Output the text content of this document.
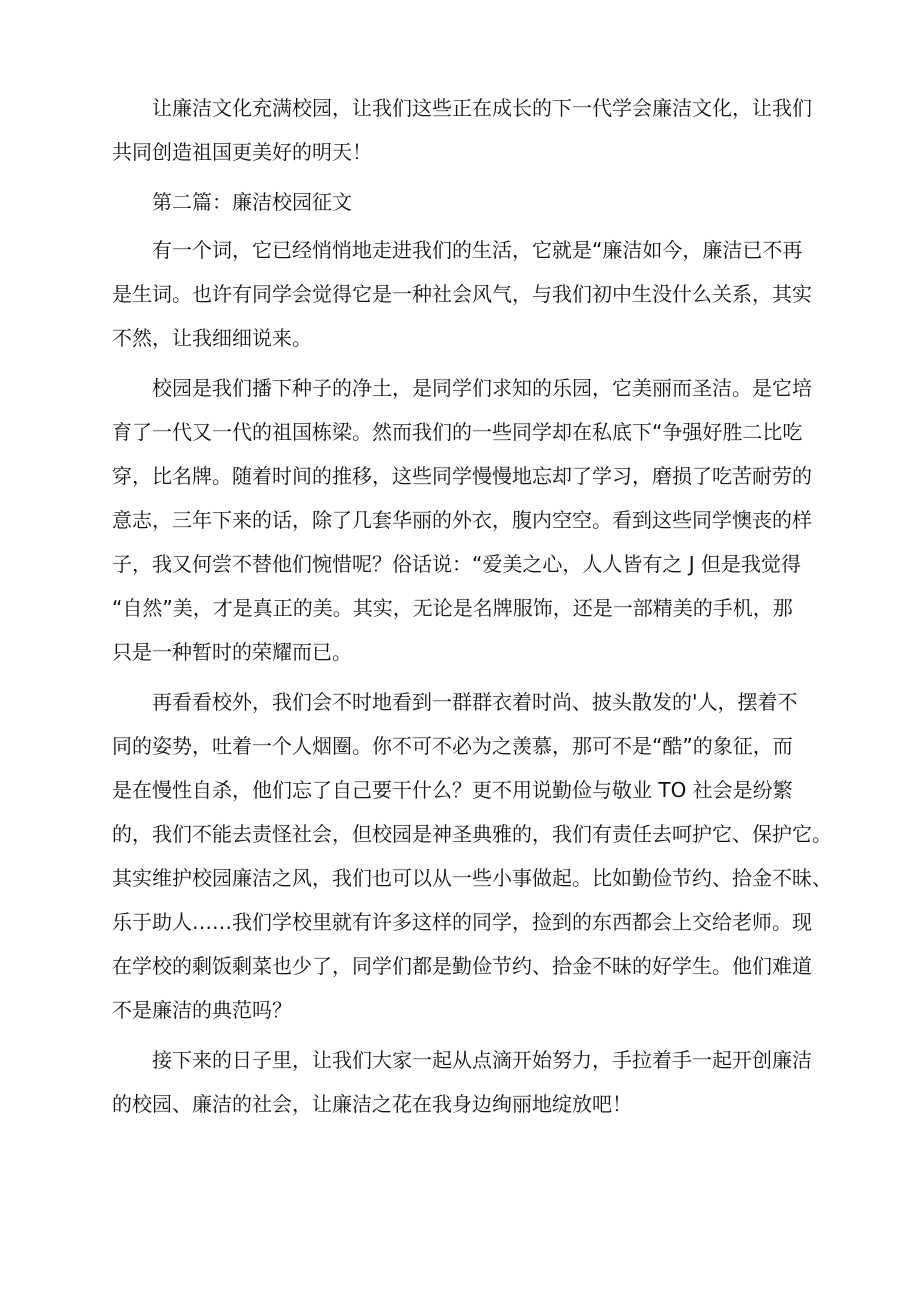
让廉洁文化充满校园，让我们这些正在成长的下一代学会廉洁文化，让我们
共同创造祖国更美好的明天！

第二篇：廉洁校园征文

有一个词，它已经悄悄地走进我们的生活，它就是“廉洁如今，廉洁已不再
是生词。也许有同学会觉得它是一种社会风气，与我们初中生没什么关系，其实
不然，让我细细说来。

校园是我们播下种子的净土，是同学们求知的乐园，它美丽而圣洁。是它培
育了一代又一代的祖国栋梁。然而我们的一些同学却在私底下“争强好胜二比吃
穿，比名牌。随着时间的推移，这些同学慢慢地忘却了学习，磨损了吃苦耐劳的
意志，三年下来的话，除了几套华丽的外衣，腹内空空。看到这些同学懊丧的样
子，我又何尝不替他们惋惜呢？俗话说：“爱美之心，人人皆有之 J 但是我觉得
“自然”美，才是真正的美。其实，无论是名牌服饰，还是一部精美的手机，那
只是一种暂时的荣耀而已。

再看看校外，我们会不时地看到一群群衣着时尚、披头散发的'人，摆着不
同的姿势，吐着一个人烟圈。你不可不必为之羡慕，那可不是“酷”的象征，而
是在慢性自杀，他们忘了自己要干什么？更不用说勤俭与敬业 TO 社会是纷繁
的，我们不能去责怪社会，但校园是神圣典雅的，我们有责任去呵护它、保护它。
其实维护校园廉洁之风，我们也可以从一些小事做起。比如勤俭节约、拾金不昧、
乐于助人……我们学校里就有许多这样的同学，捡到的东西都会上交给老师。现
在学校的剩饭剩菜也少了，同学们都是勤俭节约、拾金不昧的好学生。他们难道
不是廉洁的典范吗？

接下来的日子里，让我们大家一起从点滴开始努力，手拉着手一起开创廉洁
的校园、廉洁的社会，让廉洁之花在我身边绚丽地绽放吧！
